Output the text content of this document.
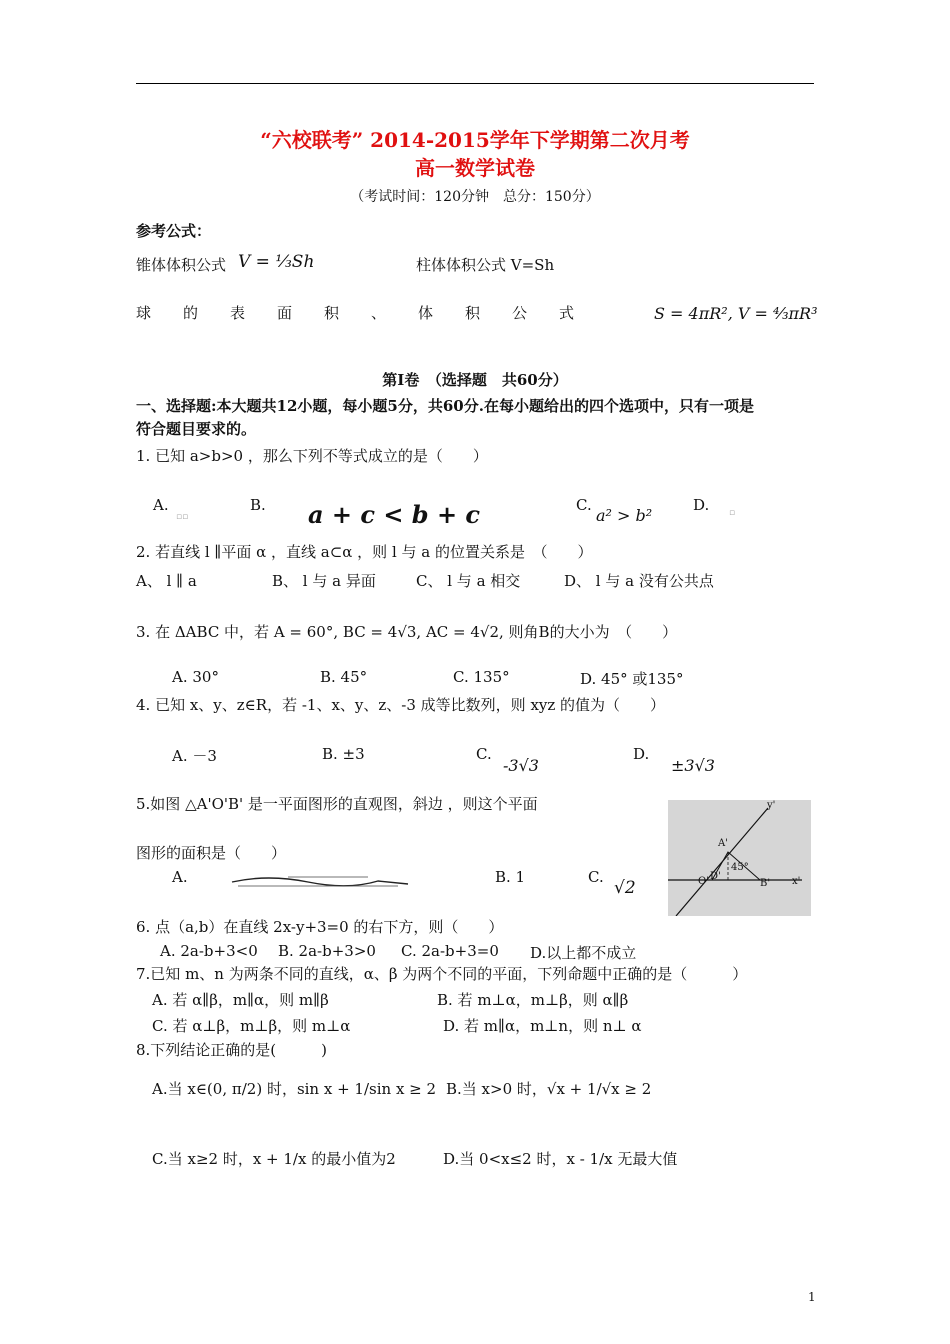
“六校联考” 2014-2015学年下学期第二次月考
高一数学试卷
（考试时间：120分钟　总分：150分）
参考公式：
锥体体积公式 V = ⅓Sh	柱体体积公式 V=Sh
球 的 表 面 积 、 体 积 公 式	S = 4πR², V = ⁴⁄₃πR³
第Ⅰ卷　（选择题　共60分）
一、选择题:本大题共12小题，每小题5分，共60分.在每小题给出的四个选项中，只有一项是
符合题目要求的。
1. 已知 a>b>0 ，那么下列不等式成立的是（　　）
A.
▫▫
B. a + c < b + c	C.
a² > b²
D. ▫
2. 若直线 l ∥平面 α ，直线 a⊂α ，则 l 与 a 的位置关系是　（　　）
A、 l ∥ a	B、 l 与 a 异面	C、 l 与 a 相交	D、 l 与 a 没有公共点
3. 在 ΔABC 中，若 A = 60°, BC = 4√3, AC = 4√2, 则角B的大小为　（　　）
A. 30°	B. 45°	C. 135°	D. 45° 或135°
4. 已知 x、y、z∈R，若 -1、x、y、z、-3 成等比数列，则 xyz 的值为（　　）
A. －3	B. ±3	C.
-3√3
D.
±3√3
5.如图 △A'O'B' 是一平面图形的直观图，斜边 ，则这个平面
图形的面积是（　　）
A.	B. 1	C.
√2
y'
A'
45°
O' D'
B' x'
6. 点（a,b）在直线 2x-y+3=0 的右下方，则（　　）
A. 2a-b+3<0 B. 2a-b+3>0 C. 2a-b+3=0 D.以上都不成立
7.已知 m、n 为两条不同的直线，α、β 为两个不同的平面，下列命题中正确的是（　　　）
A. 若 α∥β，m∥α，则 m∥β	B. 若 m⊥α，m⊥β，则 α∥β
C. 若 α⊥β，m⊥β，则 m⊥α	D. 若 m∥α，m⊥n，则 n⊥ α
8.下列结论正确的是(　　　)
A.当 x∈(0, π/2) 时，sin x + 1/sin x ≥ 2 B.当 x>0 时，√x + 1/√x ≥ 2
C.当 x≥2 时，x + 1/x 的最小值为2	D.当 0<x≤2 时，x - 1/x 无最大值
1
